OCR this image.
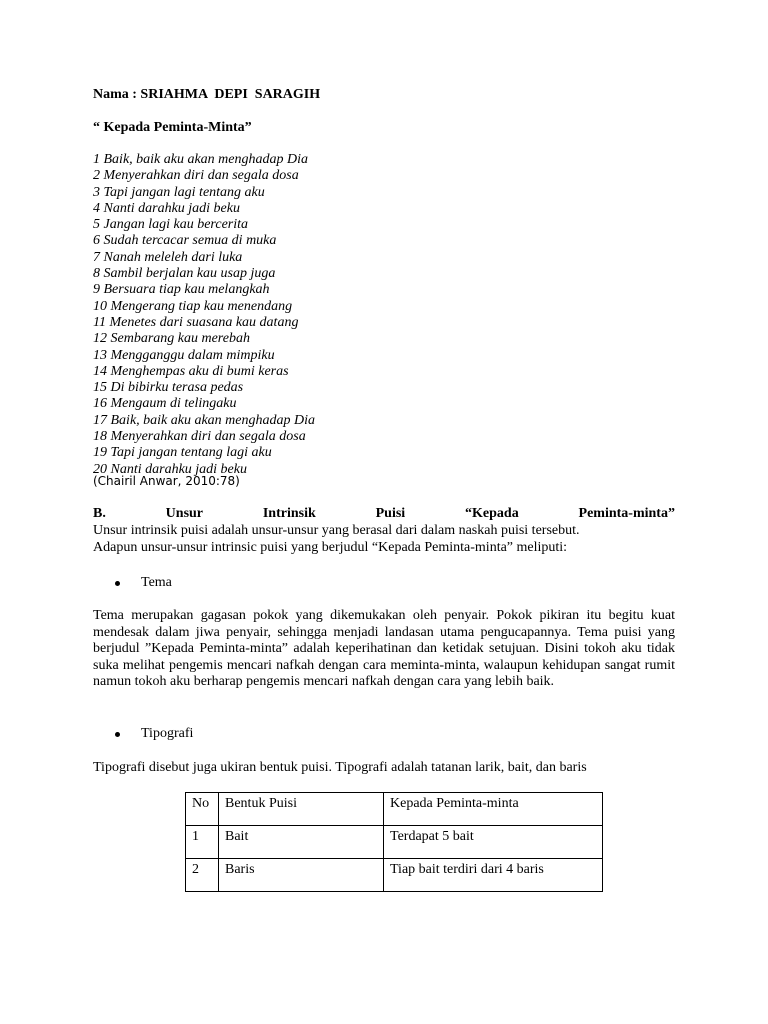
Nama : SRIAHMA  DEPI  SARAGIH
“ Kepada Peminta-Minta”
1 Baik, baik aku akan menghadap Dia
2 Menyerahkan diri dan segala dosa
3 Tapi jangan lagi tentang aku
4 Nanti darahku jadi beku
5 Jangan lagi kau bercerita
6 Sudah tercacar semua di muka
7 Nanah meleleh dari luka
8 Sambil berjalan kau usap juga
9 Bersuara tiap kau melangkah
10 Mengerang tiap kau menendang
11 Menetes dari suasana kau datang
12 Sembarang kau merebah
13 Mengganggu dalam mimpiku
14 Menghempas aku di bumi keras
15 Di bibirku terasa pedas
16 Mengaum di telingaku
17 Baik, baik aku akan menghadap Dia
18 Menyerahkan diri dan segala dosa
19 Tapi jangan tentang lagi aku
20 Nanti darahku jadi beku
(Chairil Anwar, 2010:78)
B.	Unsur	Intrinsik	Puisi	“Kepada	Peminta-minta”

Unsur intrinsik puisi adalah unsur-unsur yang berasal dari dalam naskah puisi tersebut.

Adapun unsur-unsur intrinsic puisi yang berjudul “Kepada Peminta-minta” meliputi:

Tema

Tema merupakan gagasan pokok yang dikemukakan oleh penyair. Pokok pikiran itu begitu kuat mendesak dalam jiwa penyair, sehingga menjadi landasan utama pengucapannya. Tema puisi yang berjudul ”Kepada Peminta-minta” adalah keperihatinan dan ketidak setujuan. Disini tokoh aku tidak suka melihat pengemis mencari nafkah dengan cara meminta-minta, walaupun kehidupan sangat rumit namun tokoh aku berharap pengemis mencari nafkah dengan cara yang lebih baik.

Tipografi

Tipografi disebut juga ukiran bentuk puisi. Tipografi adalah tatanan larik, bait, dan baris

No	Bentuk Puisi	Kepada Peminta-minta
1	Bait	Terdapat 5 bait
2	Baris	Tiap bait terdiri dari 4 baris
